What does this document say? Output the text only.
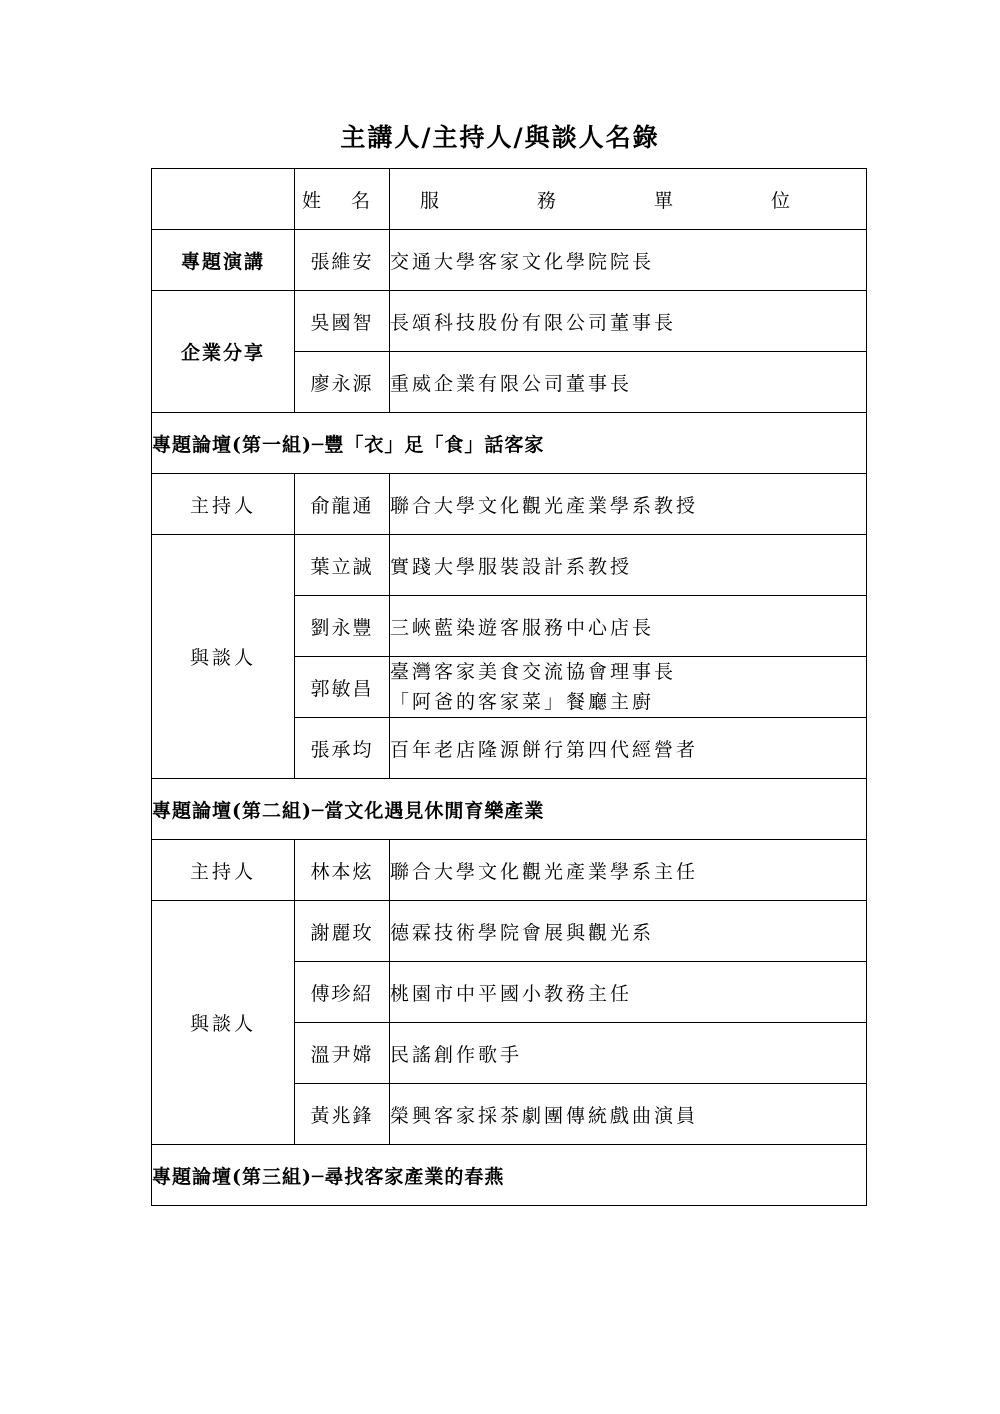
主講人/主持人/與談人名錄
	姓 名	服 務 單 位
專題演講	張維安	交通大學客家文化學院院長
企業分享	吳國智	長頌科技股份有限公司董事長
	廖永源	重威企業有限公司董事長
專題論壇(第一組)─豐「衣」足「食」話客家		
主持人	俞龍通	聯合大學文化觀光產業學系教授
與談人	葉立誠	實踐大學服裝設計系教授
	劉永豐	三峽藍染遊客服務中心店長
	郭敏昌	臺灣客家美食交流協會理事長
「阿爸的客家菜」餐廳主廚

	張承均	百年老店隆源餅行第四代經營者
專題論壇(第二組)─當文化遇見休閒育樂產業		
主持人	林本炫	聯合大學文化觀光產業學系主任
與談人	謝麗玫	德霖技術學院會展與觀光系
	傅珍紹	桃園市中平國小教務主任
	溫尹嫦	民謠創作歌手
	黃兆鋒	榮興客家採茶劇團傳統戲曲演員
專題論壇(第三組)─尋找客家產業的春燕		
